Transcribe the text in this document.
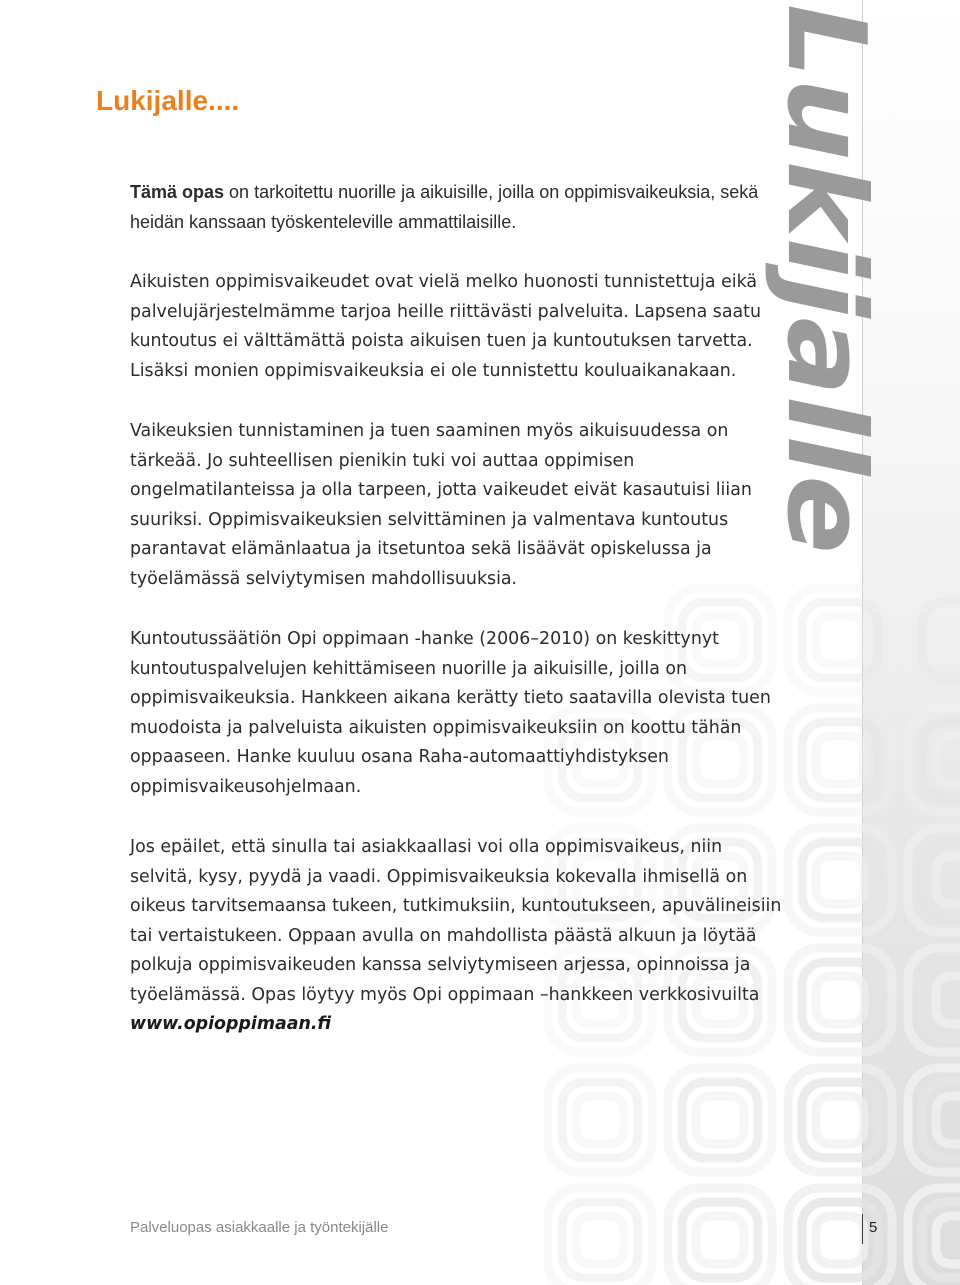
Lukijalle
Lukijalle....

Tämä opas on tarkoitettu nuorille ja aikuisille, joilla on oppimisvaikeuksia, sekä heidän kanssaan työskenteleville ammattilaisille.

Aikuisten oppimisvaikeudet ovat vielä melko huonosti tunnistettuja eikä palvelujärjestelmämme tarjoa heille riittävästi palveluita. Lapsena saatu kuntoutus ei välttämättä poista aikuisen tuen ja kuntoutuksen tarvetta. Lisäksi monien oppimisvaikeuksia ei ole tunnistettu kouluaikanakaan.

Vaikeuksien tunnistaminen ja tuen saaminen myös aikuisuudessa on tärkeää. Jo suhteellisen pienikin tuki voi auttaa oppimisen ongelmatilanteissa ja olla tarpeen, jotta vaikeudet eivät kasautuisi liian suuriksi. Oppimisvaikeuksien selvittäminen ja valmentava kuntoutus parantavat elämänlaatua ja itsetuntoa sekä lisäävät opiskelussa ja työelämässä selviytymisen mahdollisuuksia.

Kuntoutussäätiön Opi oppimaan -hanke (2006–2010) on keskittynyt kuntoutuspalvelujen kehittämiseen nuorille ja aikuisille, joilla on oppimisvaikeuksia. Hankkeen aikana kerätty tieto saatavilla olevista tuen muodoista ja palveluista aikuisten oppimisvaikeuksiin on koottu tähän oppaaseen. Hanke kuuluu osana Raha-automaattiyhdistyksen oppimisvaikeusohjelmaan.

Jos epäilet, että sinulla tai asiakkaallasi voi olla oppimisvaikeus, niin selvitä, kysy, pyydä ja vaadi. Oppimisvaikeuksia kokevalla ihmisellä on oikeus tarvitsemaansa tukeen, tutkimuksiin, kuntoutukseen, apuvälineisiin tai vertaistukeen. Oppaan avulla on mahdollista päästä alkuun ja löytää polkuja oppimisvaikeuden kanssa selviytymiseen arjessa, opinnoissa ja työelämässä. Opas löytyy myös Opi oppimaan –hankkeen verkkosivuilta www.opioppimaan.fi

Palveluopas asiakkaalle ja työntekijälle	5
